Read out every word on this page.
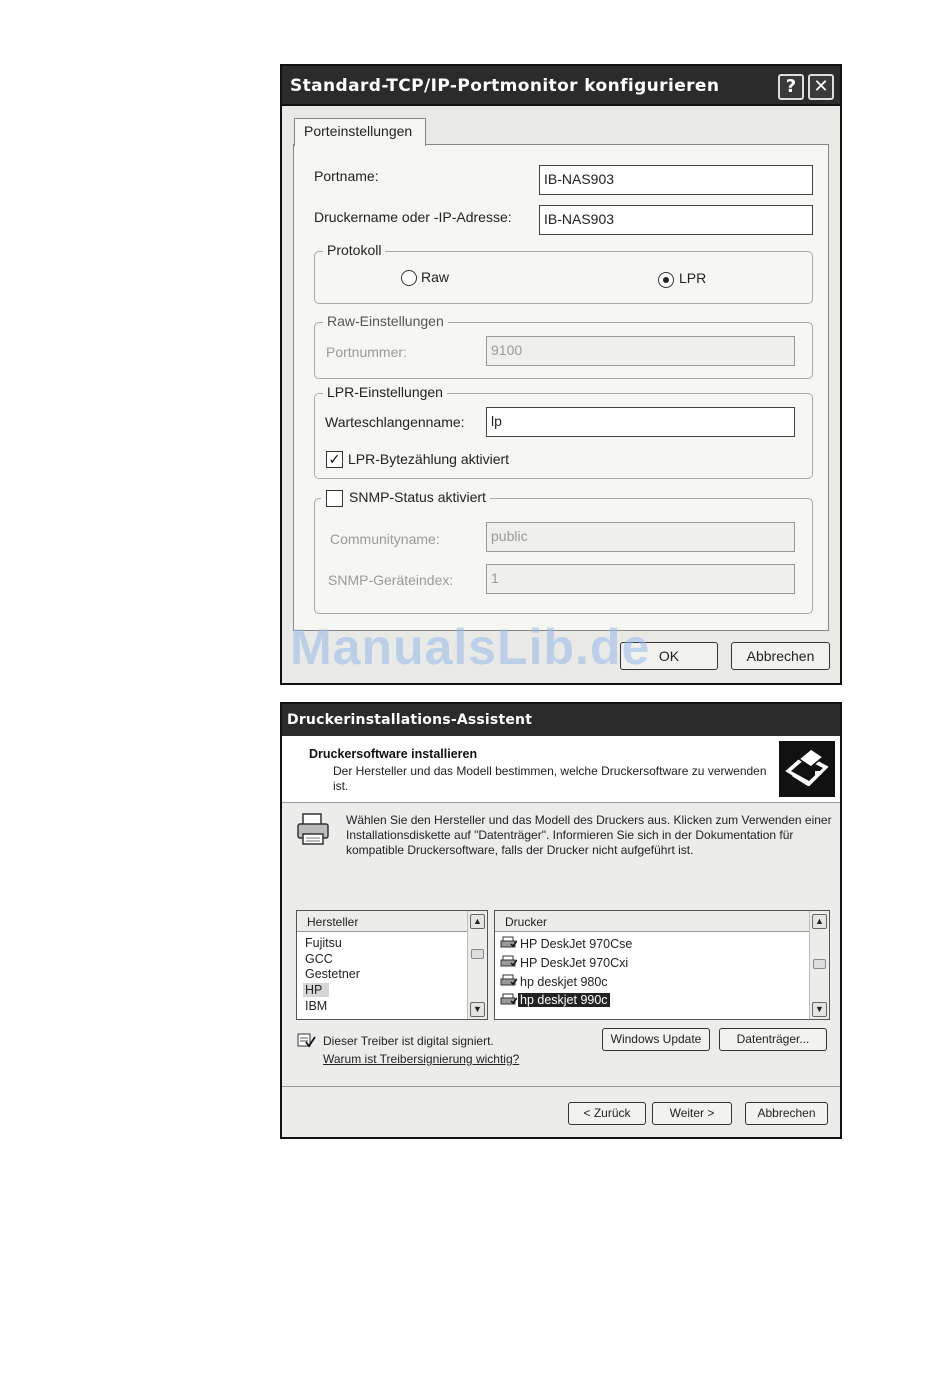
Standard-TCP/IP-Portmonitor konfigurieren	? ✕
Porteinstellungen
Portname:	IB-NAS903
Druckername oder -IP-Adresse:	IB-NAS903
Protokoll
Raw	LPR
Raw-Einstellungen
Portnummer:	9100
LPR-Einstellungen
Warteschlangenname:	lp
✓ LPR-Bytezählung aktiviert
SNMP-Status aktiviert
Communityname:	public
SNMP-Geräteindex:	1
OK	Abbrechen
ManualsLib.de
Druckerinstallations-Assistent
Druckersoftware installieren
Der Hersteller und das Modell bestimmen, welche Druckersoftware zu verwenden ist.
Wählen Sie den Hersteller und das Modell des Druckers aus. Klicken zum Verwenden einer Installationsdiskette auf "Datenträger". Informieren Sie sich in der Dokumentation für kompatible Druckersoftware, falls der Drucker nicht aufgeführt ist.
Hersteller
Fujitsu
GCC
Gestetner
HP
IBM
▲
▼
Drucker
HP DeskJet 970Cse
HP DeskJet 970Cxi
hp deskjet 980c
hp deskjet 990c
▲
▼
Dieser Treiber ist digital signiert.
Warum ist Treibersignierung wichtig?
Windows Update	Datenträger...
< Zurück	Weiter >	Abbrechen
